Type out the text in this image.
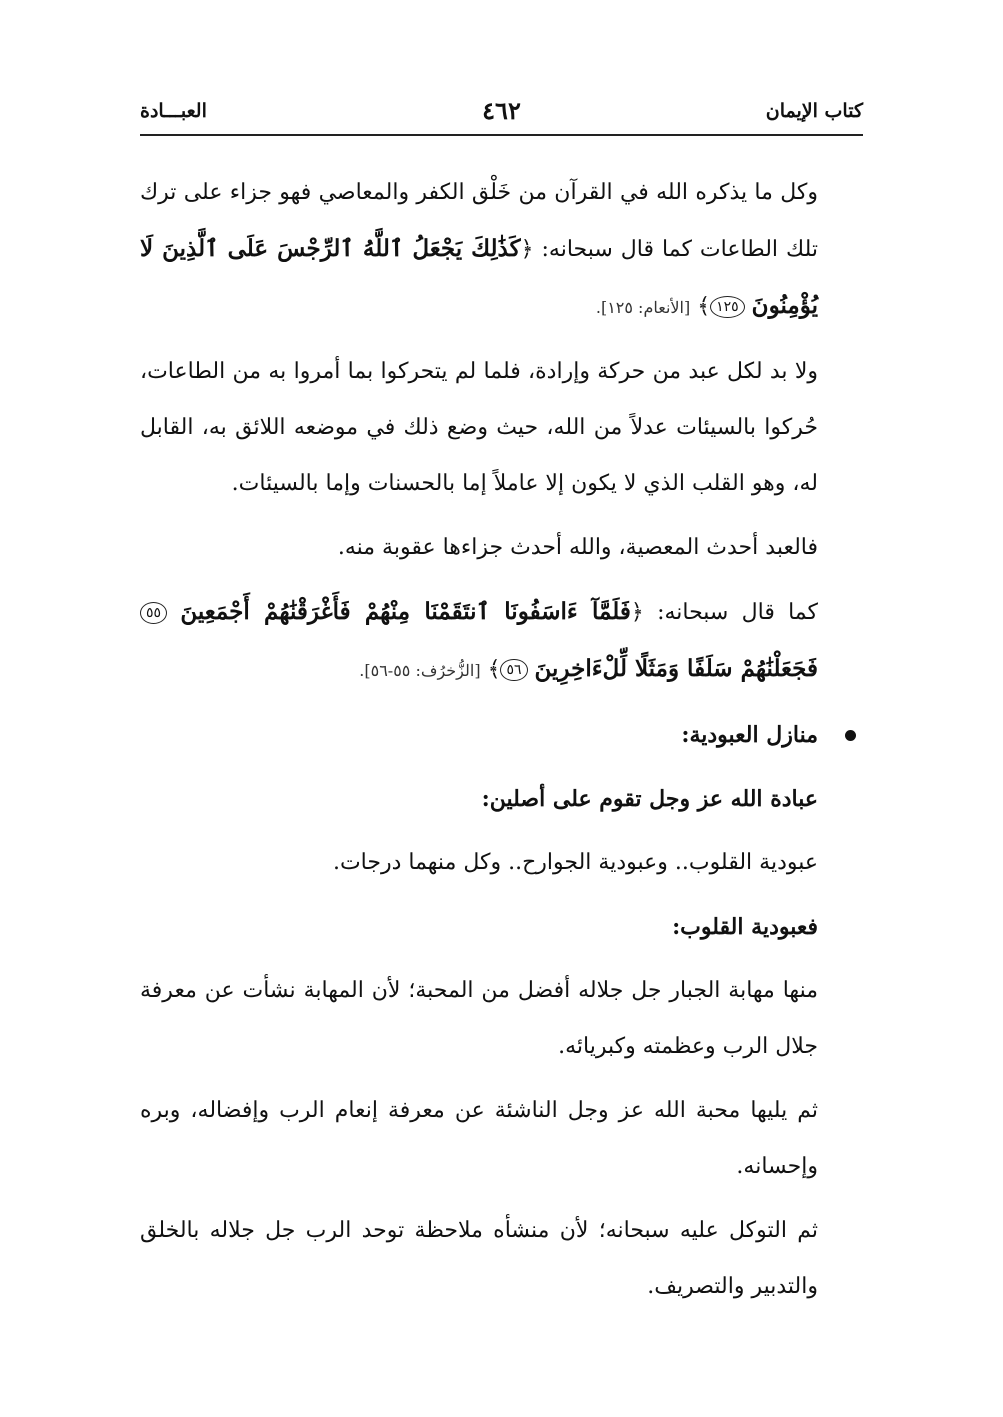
كتاب الإيمان
٤٦٢
العبـــادة

وكل ما يذكره الله في القرآن من خَلْق الكفر والمعاصي فهو جزاء على ترك تلك الطاعات كما قال سبحانه: ﴿كَذَٰلِكَ يَجْعَلُ ٱللَّهُ ٱلرِّجْسَ عَلَى ٱلَّذِينَ لَا يُؤْمِنُونَ ١٢٥﴾ [الأنعام: ١٢٥].

ولا بد لكل عبد من حركة وإرادة، فلما لم يتحركوا بما أمروا به من الطاعات، حُركوا بالسيئات عدلاً من الله، حيث وضع ذلك في موضعه اللائق به، القابل له، وهو القلب الذي لا يكون إلا عاملاً إما بالحسنات وإما بالسيئات.

فالعبد أحدث المعصية، والله أحدث جزاءها عقوبة منه.

كما قال سبحانه: ﴿فَلَمَّآ ءَاسَفُونَا ٱنتَقَمْنَا مِنْهُمْ فَأَغْرَقْنَٰهُمْ أَجْمَعِينَ ٥٥ فَجَعَلْنَٰهُمْ سَلَفًا وَمَثَلًا لِّلْءَاخِرِينَ ٥٦﴾ [الزُّخرُف: ٥٥-٥٦].

منازل العبودية:

عبادة الله عز وجل تقوم على أصلين:

عبودية القلوب.. وعبودية الجوارح.. وكل منهما درجات.

فعبودية القلوب:

منها مهابة الجبار جل جلاله أفضل من المحبة؛ لأن المهابة نشأت عن معرفة جلال الرب وعظمته وكبريائه.

ثم يليها محبة الله عز وجل الناشئة عن معرفة إنعام الرب وإفضاله، وبره وإحسانه.

ثم التوكل عليه سبحانه؛ لأن منشأه ملاحظة توحد الرب جل جلاله بالخلق والتدبير والتصريف.
